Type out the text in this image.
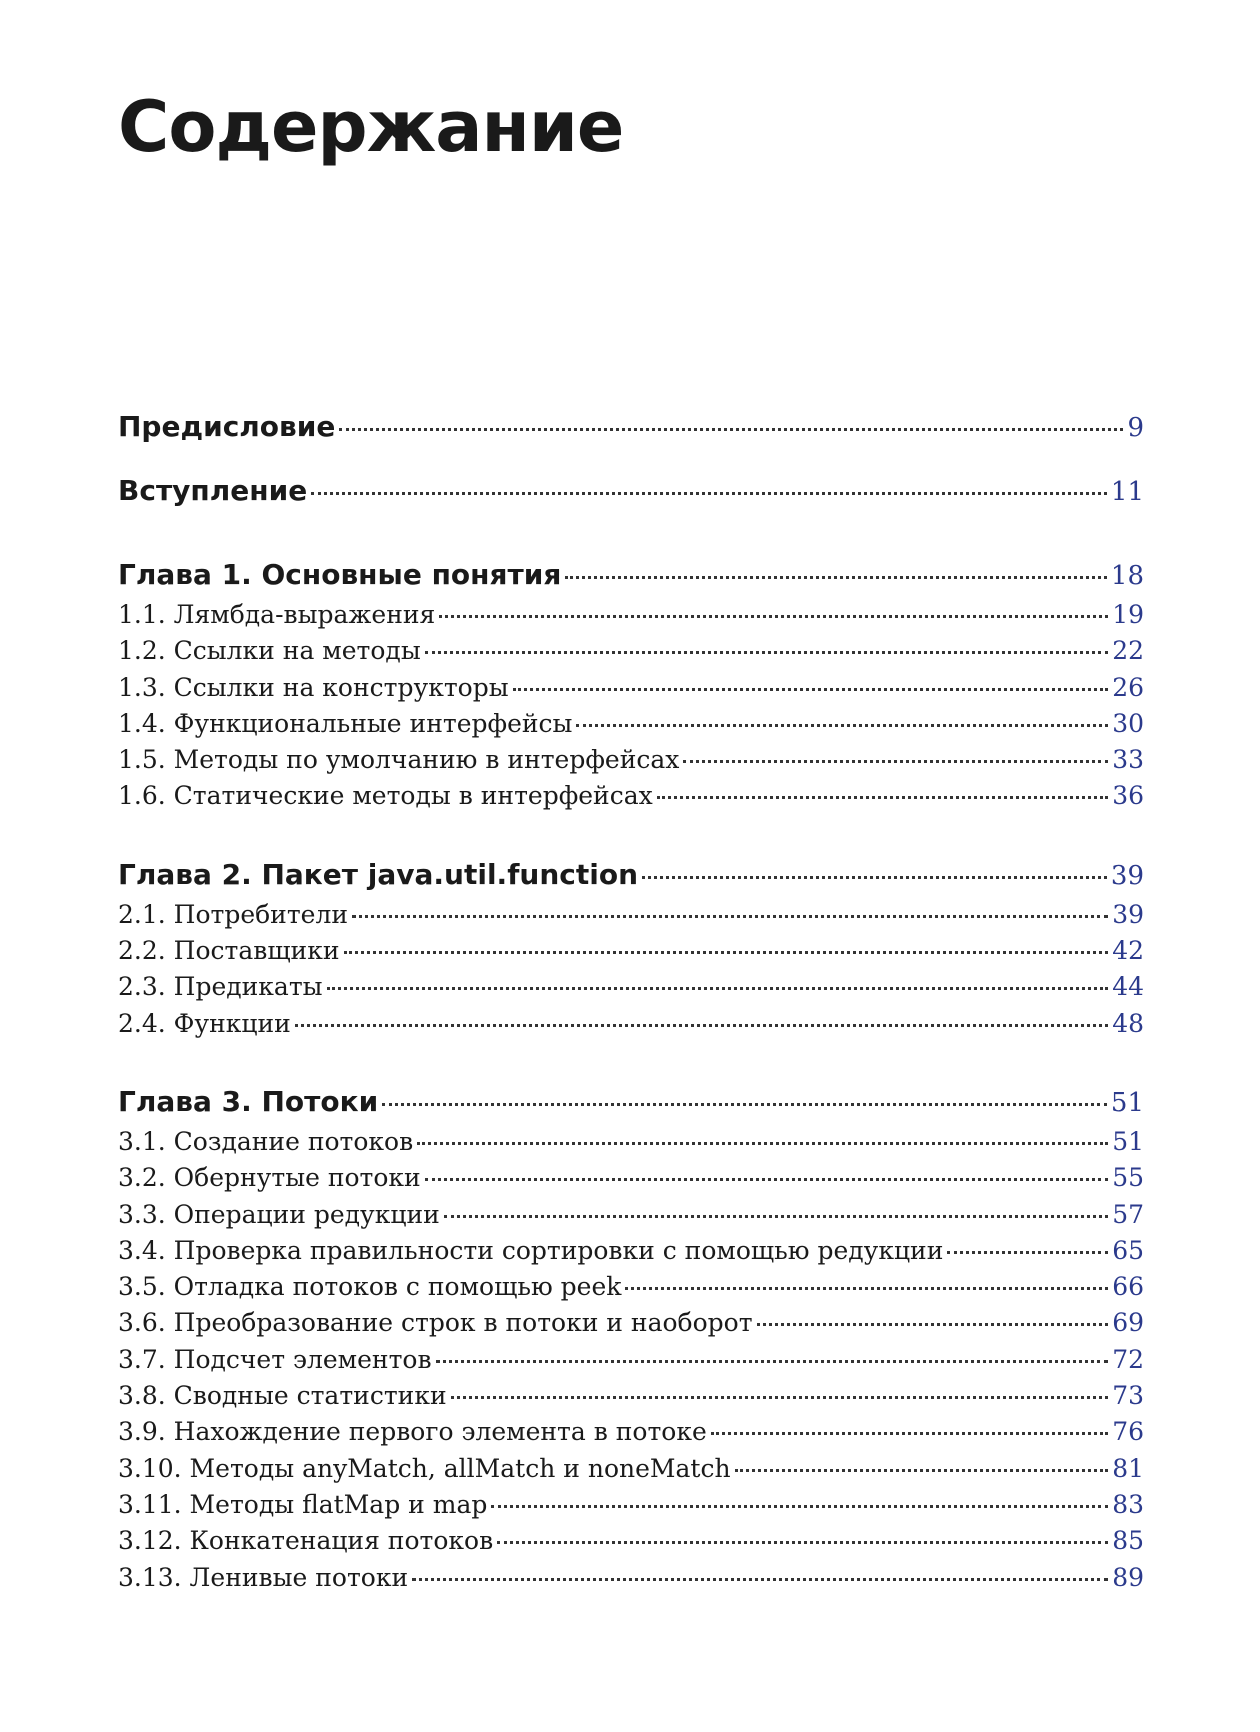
Содержание
Предисловие	9
Вступление	11
Глава 1. Основные понятия	18
1.1. Лямбда-выражения	19
1.2. Ссылки на методы	22
1.3. Ссылки на конструкторы	26
1.4. Функциональные интерфейсы	30
1.5. Методы по умолчанию в интерфейсах	33
1.6. Статические методы в интерфейсах	36
Глава 2. Пакет java.util.function	39
2.1. Потребители	39
2.2. Поставщики	42
2.3. Предикаты	44
2.4. Функции	48
Глава 3. Потоки	51
3.1. Создание потоков	51
3.2. Обернутые потоки	55
3.3. Операции редукции	57
3.4. Проверка правильности сортировки с помощью редукции	65
3.5. Отладка потоков с помощью peek	66
3.6. Преобразование строк в потоки и наоборот	69
3.7. Подсчет элементов	72
3.8. Сводные статистики	73
3.9. Нахождение первого элемента в потоке	76
3.10. Методы anyMatch, allMatch и noneMatch	81
3.11. Методы flatMap и map	83
3.12. Конкатенация потоков	85
3.13. Ленивые потоки	89
